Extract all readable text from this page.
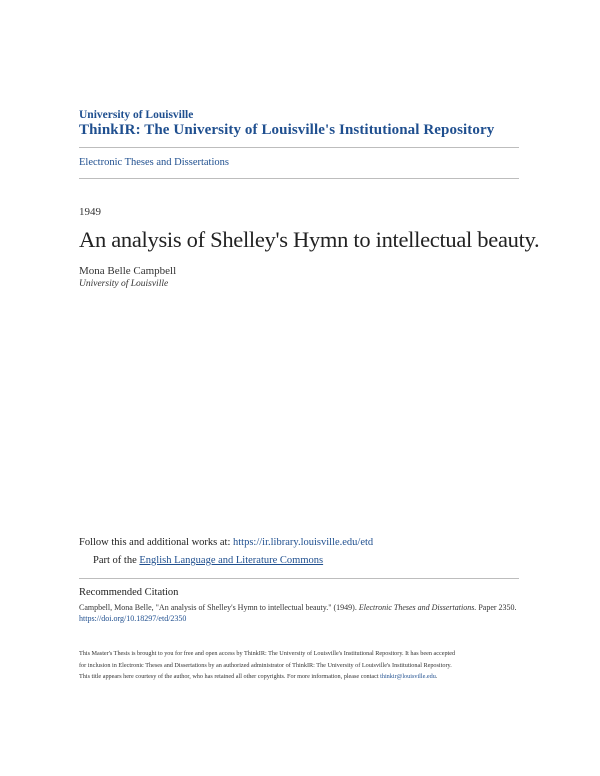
University of Louisville
ThinkIR: The University of Louisville's Institutional Repository
Electronic Theses and Dissertations
1949
An analysis of Shelley's Hymn to intellectual beauty.
Mona Belle Campbell
University of Louisville
Follow this and additional works at: https://ir.library.louisville.edu/etd
Part of the English Language and Literature Commons
Recommended Citation
Campbell, Mona Belle, "An analysis of Shelley's Hymn to intellectual beauty." (1949). Electronic Theses and Dissertations. Paper 2350.
https://doi.org/10.18297/etd/2350
This Master's Thesis is brought to you for free and open access by ThinkIR: The University of Louisville's Institutional Repository. It has been accepted
for inclusion in Electronic Theses and Dissertations by an authorized administrator of ThinkIR: The University of Louisville's Institutional Repository.
This title appears here courtesy of the author, who has retained all other copyrights. For more information, please contact thinkir@louisville.edu.
